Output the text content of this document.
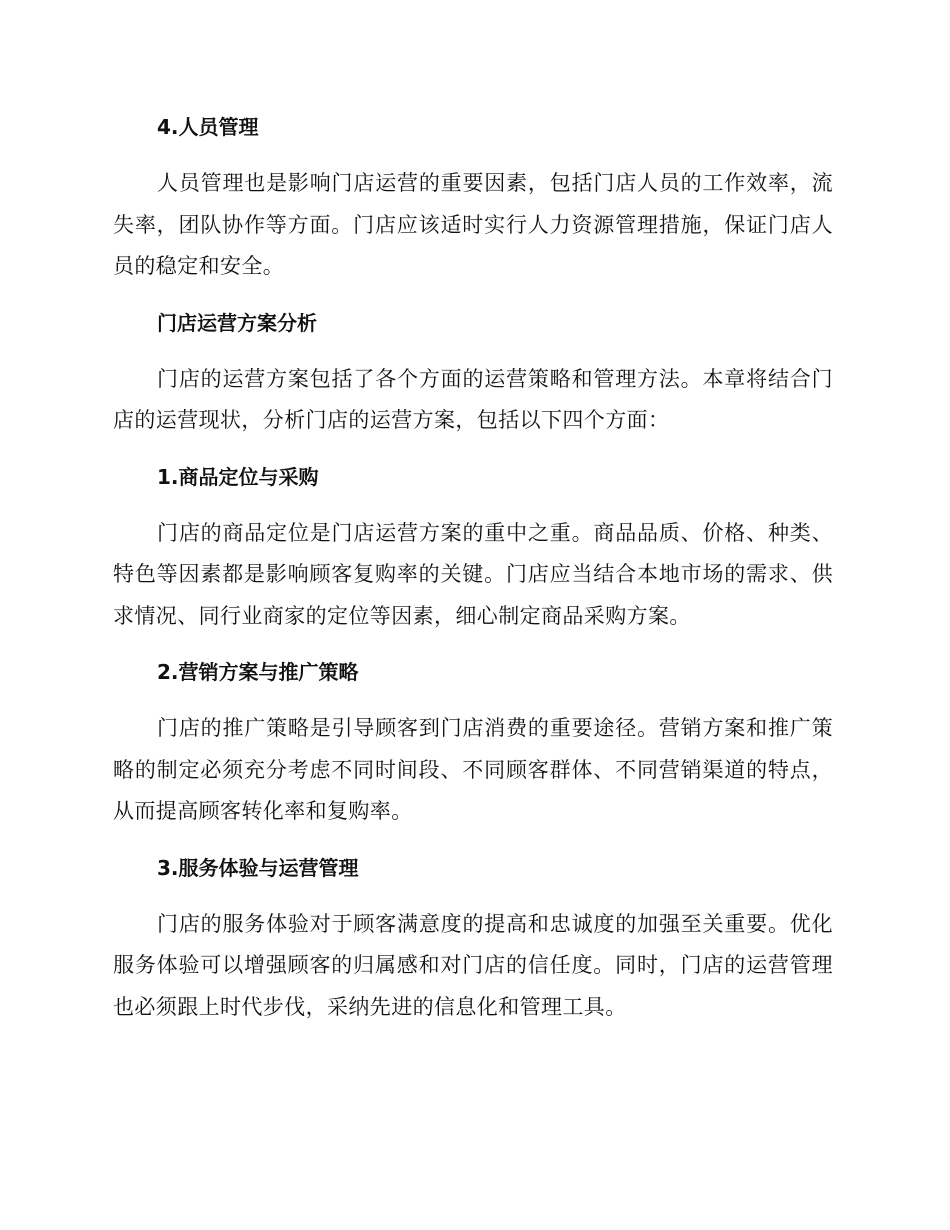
4.人员管理

人员管理也是影响门店运营的重要因素，包括门店人员的工作效率，流失率，团队协作等方面。门店应该适时实行人力资源管理措施，保证门店人员的稳定和安全。

门店运营方案分析

门店的运营方案包括了各个方面的运营策略和管理方法。本章将结合门店的运营现状，分析门店的运营方案，包括以下四个方面：

1.商品定位与采购

门店的商品定位是门店运营方案的重中之重。商品品质、价格、种类、特色等因素都是影响顾客复购率的关键。门店应当结合本地市场的需求、供求情况、同行业商家的定位等因素，细心制定商品采购方案。

2.营销方案与推广策略

门店的推广策略是引导顾客到门店消费的重要途径。营销方案和推广策略的制定必须充分考虑不同时间段、不同顾客群体、不同营销渠道的特点，从而提高顾客转化率和复购率。

3.服务体验与运营管理

门店的服务体验对于顾客满意度的提高和忠诚度的加强至关重要。优化服务体验可以增强顾客的归属感和对门店的信任度。同时，门店的运营管理也必须跟上时代步伐，采纳先进的信息化和管理工具。
